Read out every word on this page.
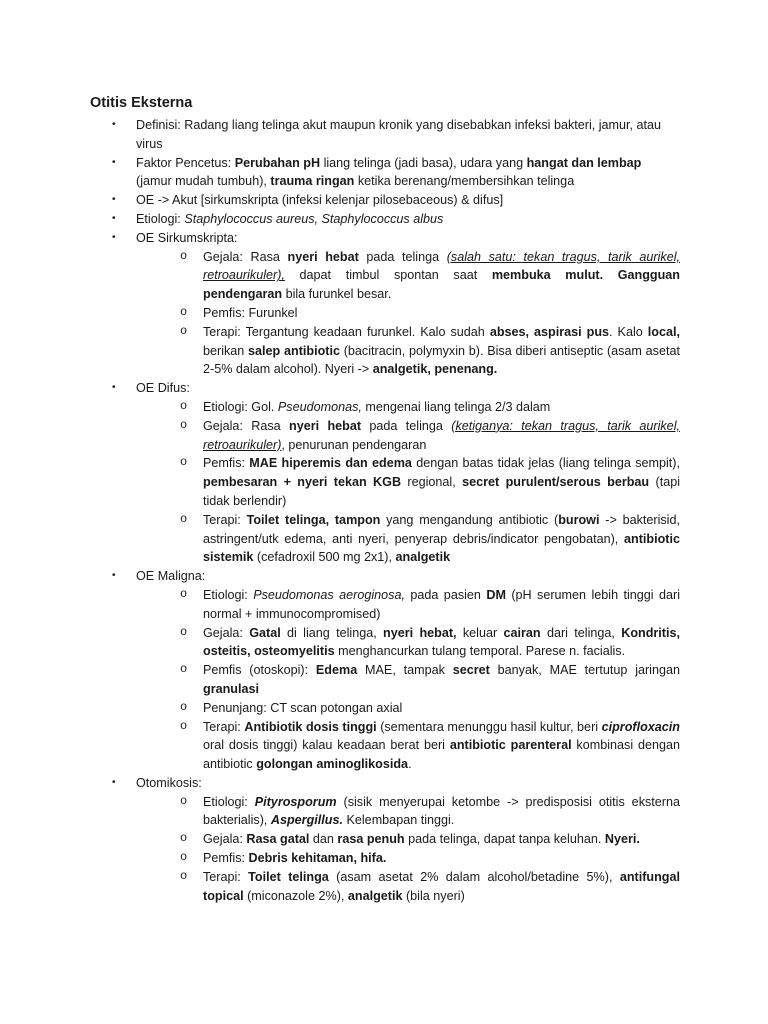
Otitis Eksterna
• Definisi: Radang liang telinga akut maupun kronik yang disebabkan infeksi bakteri, jamur, atau virus
• Faktor Pencetus: Perubahan pH liang telinga (jadi basa), udara yang hangat dan lembap (jamur mudah tumbuh), trauma ringan ketika berenang/membersihkan telinga
• OE -> Akut [sirkumskripta (infeksi kelenjar pilosebaceous) & difus]
• Etiologi: Staphylococcus aureus, Staphylococcus albus
• OE Sirkumskripta:
o Gejala: Rasa nyeri hebat pada telinga (salah satu: tekan tragus, tarik aurikel, retroaurikuler), dapat timbul spontan saat membuka mulut. Gangguan pendengaran bila furunkel besar.
o Pemfis: Furunkel
o Terapi: Tergantung keadaan furunkel. Kalo sudah abses, aspirasi pus. Kalo local, berikan salep antibiotic (bacitracin, polymyxin b). Bisa diberi antiseptic (asam asetat 2-5% dalam alcohol). Nyeri -> analgetik, penenang.
• OE Difus:
o Etiologi: Gol. Pseudomonas, mengenai liang telinga 2/3 dalam
o Gejala: Rasa nyeri hebat pada telinga (ketiganya: tekan tragus, tarik aurikel, retroaurikuler), penurunan pendengaran
o Pemfis: MAE hiperemis dan edema dengan batas tidak jelas (liang telinga sempit), pembesaran + nyeri tekan KGB regional, secret purulent/serous berbau (tapi tidak berlendir)
o Terapi: Toilet telinga, tampon yang mengandung antibiotic (burowi -> bakterisid, astringent/utk edema, anti nyeri, penyerap debris/indicator pengobatan), antibiotic sistemik (cefadroxil 500 mg 2x1), analgetik
• OE Maligna:
o Etiologi: Pseudomonas aeroginosa, pada pasien DM (pH serumen lebih tinggi dari normal + immunocompromised)
o Gejala: Gatal di liang telinga, nyeri hebat, keluar cairan dari telinga, Kondritis, osteitis, osteomyelitis menghancurkan tulang temporal. Parese n. facialis.
o Pemfis (otoskopi): Edema MAE, tampak secret banyak, MAE tertutup jaringan granulasi
o Penunjang: CT scan potongan axial
o Terapi: Antibiotik dosis tinggi (sementara menunggu hasil kultur, beri ciprofloxacin oral dosis tinggi) kalau keadaan berat beri antibiotic parenteral kombinasi dengan antibiotic golongan aminoglikosida.
• Otomikosis:
o Etiologi: Pityrosporum (sisik menyerupai ketombe -> predisposisi otitis eksterna bakterialis), Aspergillus. Kelembapan tinggi.
o Gejala: Rasa gatal dan rasa penuh pada telinga, dapat tanpa keluhan. Nyeri.
o Pemfis: Debris kehitaman, hifa.
o Terapi: Toilet telinga (asam asetat 2% dalam alcohol/betadine 5%), antifungal topical (miconazole 2%), analgetik (bila nyeri)
